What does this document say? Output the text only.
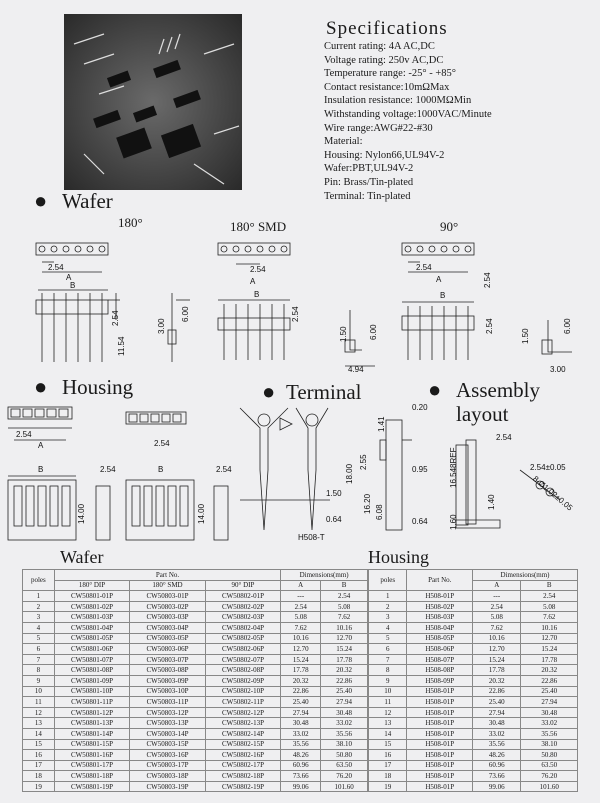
Specifications
Current rating: 4A AC,DC
Voltage rating: 250v AC,DC
Temperature range: -25° - +85°
Contact resistance:10mΩMax
Insulation resistance: 1000MΩMin
Withstanding voltage:1000VAC/Minute
Wire range:AWG#22-#30
Material:
Housing: Nylon66,UL94V-2
Wafer:PBT,UL94V-2
Pin: Brass/Tin-plated
Terminal: Tin-plated
● Wafer
● Housing	● Terminal	● Assembly
layout
180°	180° SMD	90°
2.54
A
B
2.54
11.54
3.00
6.00
2.54
A
B
2.54
1.50	6.00
4.94
2.54
A
B
2.54
2.54
1.50
6.00
3.00
2.54
A
B	2.54
14.00
2.54
B	2.54
14.00
1.50
0.64
H508-T
0.20
1.41
2.55
18.00	0.95
16.20 6.08
0.64
2.54
16.548REF
1.40
1.60
2.54±0.05
8-Ø1.02±0.05
Wafer	Housing
poles	Part No.			Dimensions(mm)	
	180° DIP	180° SMD	90° DIP	A	B
1	CW50801-01P	CW50803-01P	CW50802-01P	---	2.54
2	CW50801-02P	CW50803-02P	CW50802-02P	2.54	5.08
3	CW50801-03P	CW50803-03P	CW50802-03P	5.08	7.62
4	CW50801-04P	CW50803-04P	CW50802-04P	7.62	10.16
5	CW50801-05P	CW50803-05P	CW50802-05P	10.16	12.70
6	CW50801-06P	CW50803-06P	CW50802-06P	12.70	15.24
7	CW50801-07P	CW50803-07P	CW50802-07P	15.24	17.78
8	CW50801-08P	CW50803-08P	CW50802-08P	17.78	20.32
9	CW50801-09P	CW50803-09P	CW50802-09P	20.32	22.86
10	CW50801-10P	CW50803-10P	CW50802-10P	22.86	25.40
11	CW50801-11P	CW50803-11P	CW50802-11P	25.40	27.94
12	CW50801-12P	CW50803-12P	CW50802-12P	27.94	30.48
13	CW50801-13P	CW50803-13P	CW50802-13P	30.48	33.02
14	CW50801-14P	CW50803-14P	CW50802-14P	33.02	35.56
15	CW50801-15P	CW50803-15P	CW50802-15P	35.56	38.10
16	CW50801-16P	CW50803-16P	CW50802-16P	48.26	50.80
17	CW50801-17P	CW50803-17P	CW50802-17P	60.96	63.50
18	CW50801-18P	CW50803-18P	CW50802-18P	73.66	76.20
19	CW50801-19P	CW50803-19P	CW50802-19P	99.06	101.60
poles	Part No.	Dimensions(mm)	
		A	B
1	H508-01P	---	2.54
2	H508-02P	2.54	5.08
3	H508-03P	5.08	7.62
4	H508-04P	7.62	10.16
5	H508-05P	10.16	12.70
6	H508-06P	12.70	15.24
7	H508-07P	15.24	17.78
8	H508-08P	17.78	20.32
9	H508-09P	20.32	22.86
10	H508-01P	22.86	25.40
11	H508-01P	25.40	27.94
12	H508-01P	27.94	30.48
13	H508-01P	30.48	33.02
14	H508-01P	33.02	35.56
15	H508-01P	35.56	38.10
16	H508-01P	48.26	50.80
17	H508-01P	60.96	63.50
18	H508-01P	73.66	76.20
19	H508-01P	99.06	101.60
